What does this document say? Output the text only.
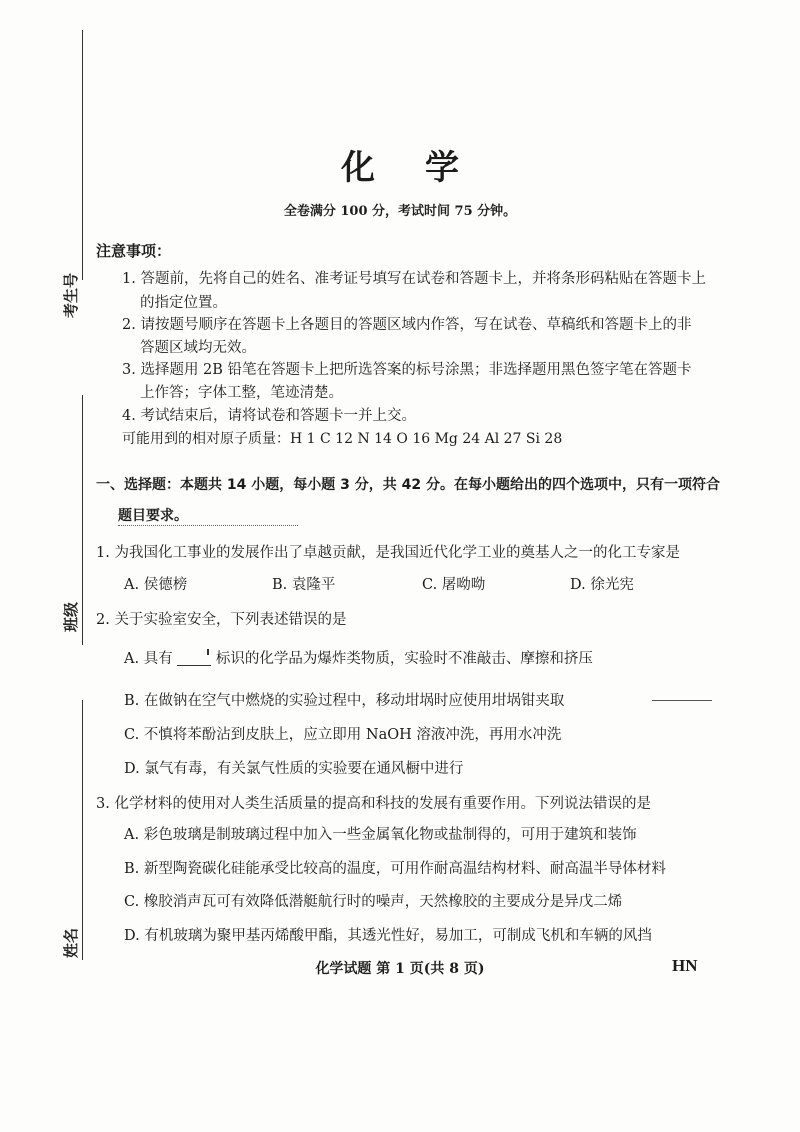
考生号
班级
姓名
化学
全卷满分 100 分，考试时间 75 分钟。
注意事项：
1. 答题前，先将自己的姓名、准考证号填写在试卷和答题卡上，并将条形码粘贴在答题卡上
的指定位置。
2. 请按题号顺序在答题卡上各题目的答题区域内作答，写在试卷、草稿纸和答题卡上的非
答题区域均无效。
3. 选择题用 2B 铅笔在答题卡上把所选答案的标号涂黑；非选择题用黑色签字笔在答题卡
上作答；字体工整，笔迹清楚。
4. 考试结束后，请将试卷和答题卡一并上交。
可能用到的相对原子质量：H 1 C 12 N 14 O 16 Mg 24 Al 27 Si 28
一、选择题：本题共 14 小题，每小题 3 分，共 42 分。在每小题给出的四个选项中，只有一项符合
题目要求。
1. 为我国化工事业的发展作出了卓越贡献，是我国近代化学工业的奠基人之一的化工专家是
A. 侯德榜	B. 袁隆平	C. 屠呦呦	D. 徐光宪
2. 关于实验室安全，下列表述错误的是
A. 具有	标识的化学品为爆炸类物质，实验时不准敲击、摩擦和挤压
B. 在做钠在空气中燃烧的实验过程中，移动坩埚时应使用坩埚钳夹取
C. 不慎将苯酚沾到皮肤上，应立即用 NaOH 溶液冲洗，再用水冲洗
D. 氯气有毒，有关氯气性质的实验要在通风橱中进行
3. 化学材料的使用对人类生活质量的提高和科技的发展有重要作用。下列说法错误的是
A. 彩色玻璃是制玻璃过程中加入一些金属氧化物或盐制得的，可用于建筑和装饰
B. 新型陶瓷碳化硅能承受比较高的温度，可用作耐高温结构材料、耐高温半导体材料
C. 橡胶消声瓦可有效降低潜艇航行时的噪声，天然橡胶的主要成分是异戊二烯
D. 有机玻璃为聚甲基丙烯酸甲酯，其透光性好，易加工，可制成飞机和车辆的风挡
化学试题 第 1 页(共 8 页)	HN
